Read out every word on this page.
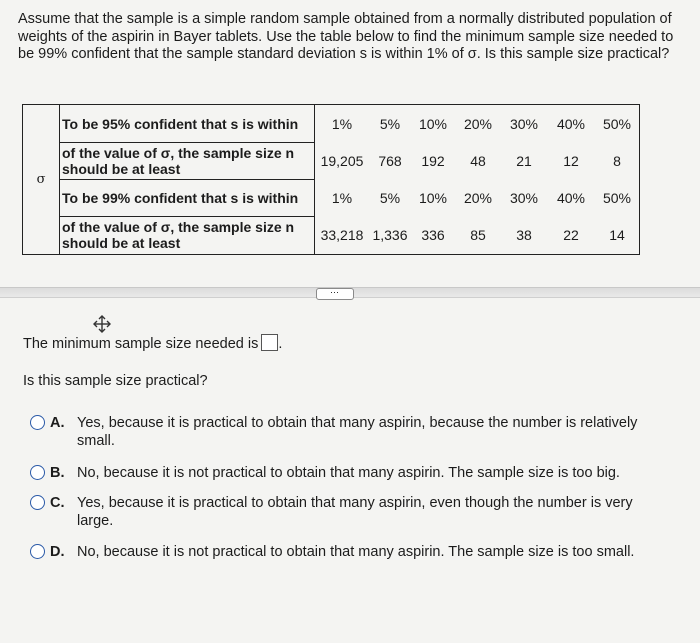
Assume that the sample is a simple random sample obtained from a normally distributed population of weights of the aspirin in Bayer tablets. Use the table below to find the minimum sample size needed to be 99% confident that the sample standard deviation s is within 1% of σ. Is this sample size practical?
σ	To be 95% confident that s is within	1%	5%	10%	20%	30%	40%	50%
	of the value of σ, the sample size n should be at least	19,205	768	192	48	21	12	8
	To be 99% confident that s is within	1%	5%	10%	20%	30%	40%	50%
	of the value of σ, the sample size n should be at least	33,218	1,336	336	85	38	22	14
⋯
The minimum sample size needed is .
Is this sample size practical?
A. Yes, because it is practical to obtain that many aspirin, because the number is relatively small.
B. No, because it is not practical to obtain that many aspirin. The sample size is too big.
C. Yes, because it is practical to obtain that many aspirin, even though the number is very large.
D. No, because it is not practical to obtain that many aspirin. The sample size is too small.
